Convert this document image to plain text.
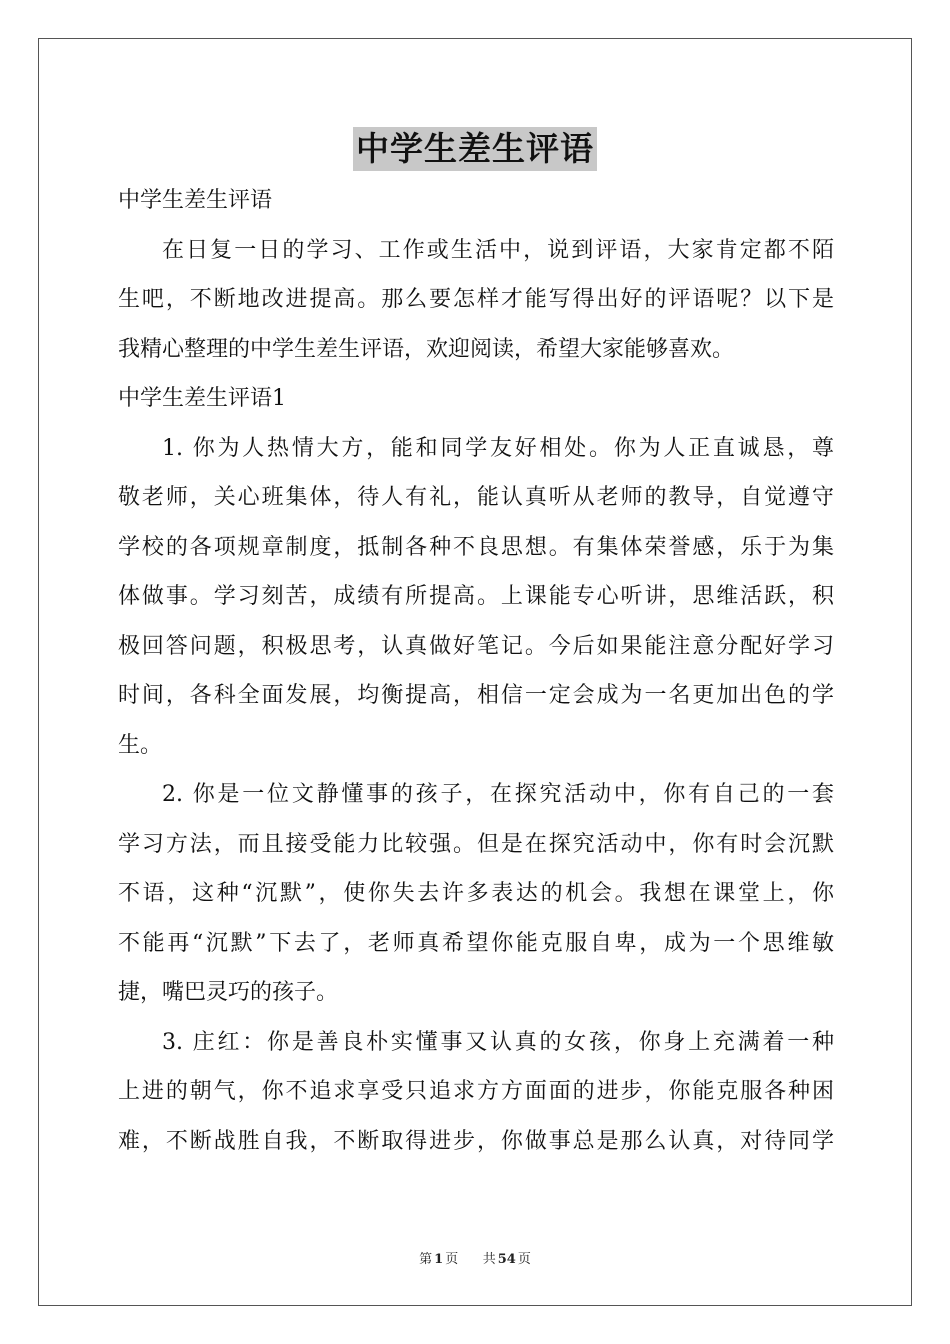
中学生差生评语
中学生差生评语
在日复一日的学习、工作或生活中，说到评语，大家肯定都不陌
生吧，不断地改进提高。那么要怎样才能写得出好的评语呢？以下是
我精心整理的中学生差生评语，欢迎阅读，希望大家能够喜欢。
中学生差生评语1
1. 你为人热情大方，能和同学友好相处。你为人正直诚恳，尊
敬老师，关心班集体，待人有礼，能认真听从老师的教导，自觉遵守
学校的各项规章制度，抵制各种不良思想。有集体荣誉感，乐于为集
体做事。学习刻苦，成绩有所提高。上课能专心听讲，思维活跃，积
极回答问题，积极思考，认真做好笔记。今后如果能注意分配好学习
时间，各科全面发展，均衡提高，相信一定会成为一名更加出色的学
生。
2. 你是一位文静懂事的孩子，在探究活动中，你有自己的一套
学习方法，而且接受能力比较强。但是在探究活动中，你有时会沉默
不语，这种“沉默”，使你失去许多表达的机会。我想在课堂上，你
不能再“沉默”下去了，老师真希望你能克服自卑，成为一个思维敏
捷，嘴巴灵巧的孩子。
3. 庄红：你是善良朴实懂事又认真的女孩，你身上充满着一种
上进的朝气，你不追求享受只追求方方面面的进步，你能克服各种困
难，不断战胜自我，不断取得进步，你做事总是那么认真，对待同学
第 1 页 共 54 页
